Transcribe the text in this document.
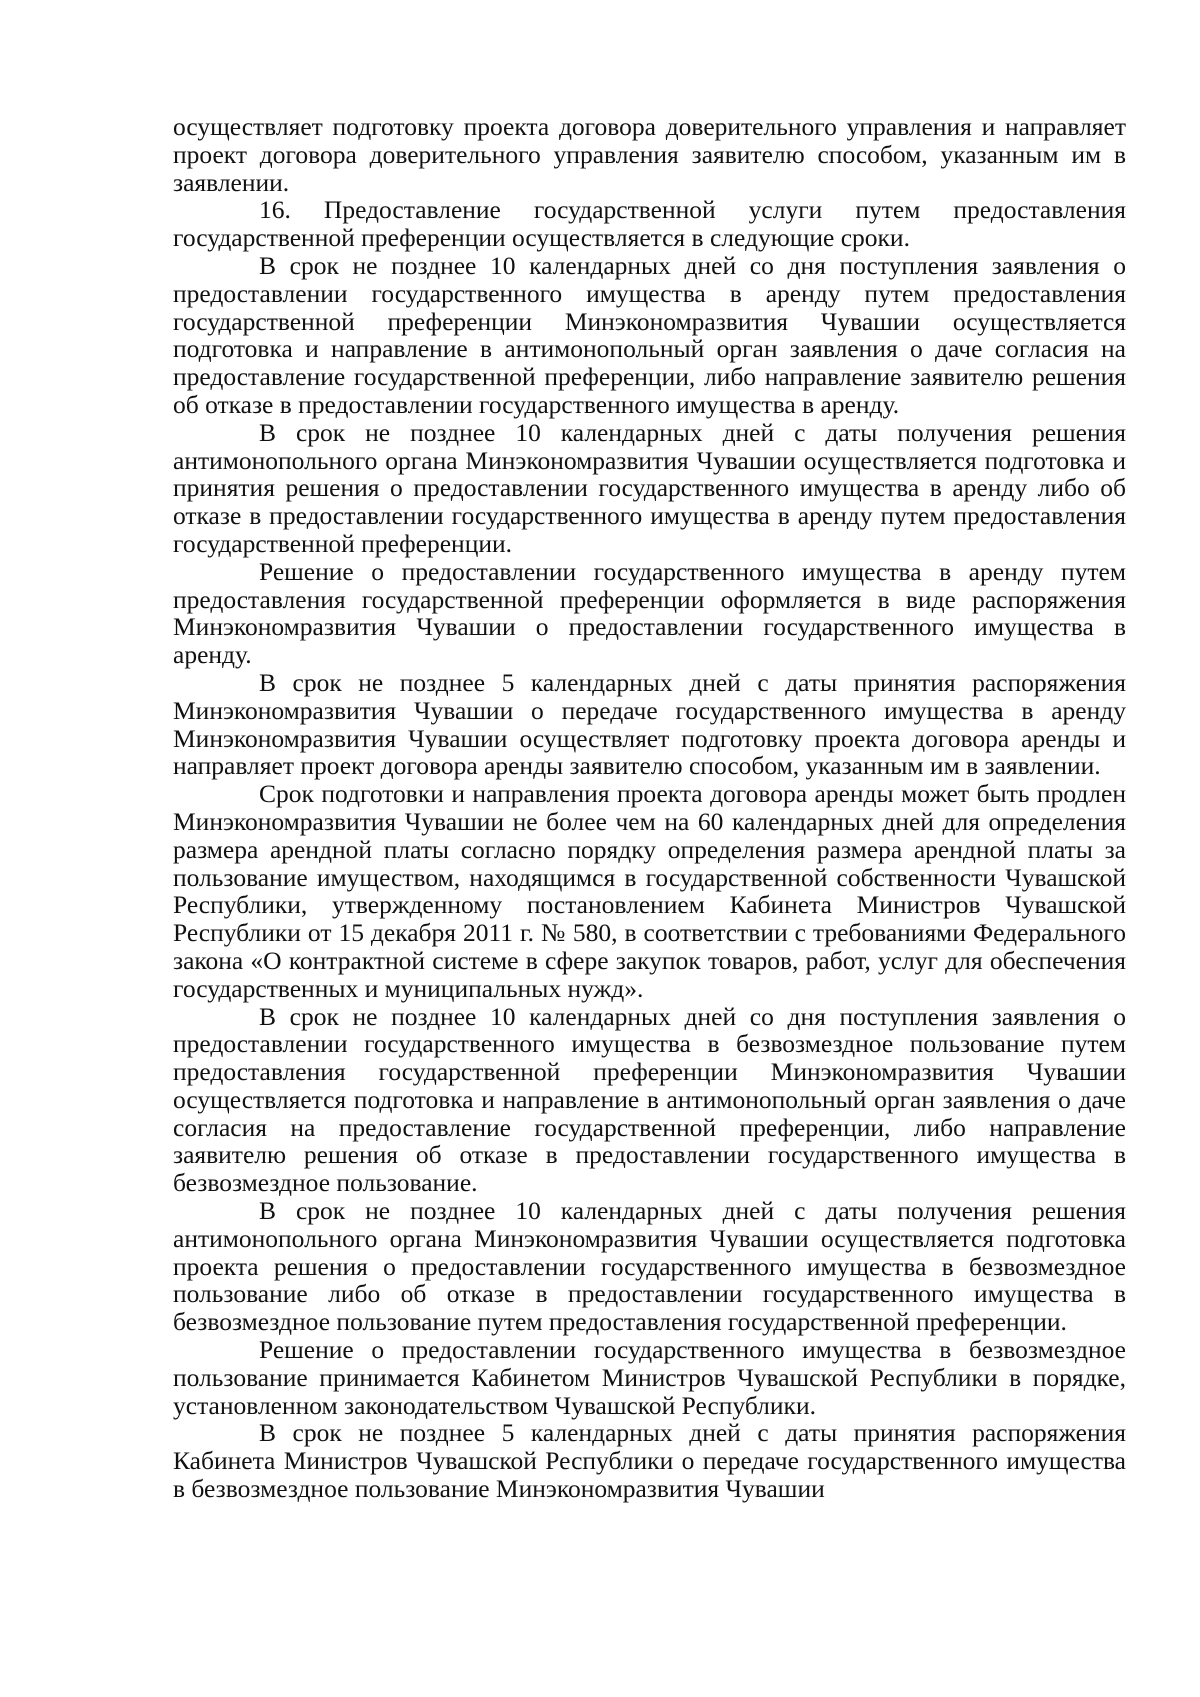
осуществляет подготовку проекта договора доверительного управления и направляет проект договора доверительного управления заявителю способом, указанным им в заявлении.

16. Предоставление государственной услуги путем предоставления государственной преференции осуществляется в следующие сроки.

В срок не позднее 10 календарных дней со дня поступления заявления о предоставлении государственного имущества в аренду путем предоставления государственной преференции Минэкономразвития Чувашии осуществляется подготовка и направление в антимонопольный орган заявления о даче согласия на предоставление государственной преференции, либо направление заявителю решения об отказе в предоставлении государственного имущества в аренду.

В срок не позднее 10 календарных дней с даты получения решения антимонопольного органа Минэкономразвития Чувашии осуществляется подготовка и принятия решения о предоставлении государственного имущества в аренду либо об отказе в предоставлении государственного имущества в аренду путем предоставления государственной преференции.

Решение о предоставлении государственного имущества в аренду путем предоставления государственной преференции оформляется в виде распоряжения Минэкономразвития Чувашии о предоставлении государственного имущества в аренду.

В срок не позднее 5 календарных дней с даты принятия распоряжения Минэкономразвития Чувашии о передаче государственного имущества в аренду Минэкономразвития Чувашии осуществляет подготовку проекта договора аренды и направляет проект договора аренды заявителю способом, указанным им в заявлении.

Срок подготовки и направления проекта договора аренды может быть продлен Минэкономразвития Чувашии не более чем на 60 календарных дней для определения размера арендной платы согласно порядку определения размера арендной платы за пользование имуществом, находящимся в государственной собственности Чувашской Республики, утвержденному постановлением Кабинета Министров Чувашской Республики от 15 декабря 2011 г. № 580, в соответствии с требованиями Федерального закона «О контрактной системе в сфере закупок товаров, работ, услуг для обеспечения государственных и муниципальных нужд».

В срок не позднее 10 календарных дней со дня поступления заявления о предоставлении государственного имущества в безвозмездное пользование путем предоставления государственной преференции Минэкономразвития Чувашии осуществляется подготовка и направление в антимонопольный орган заявления о даче согласия на предоставление государственной преференции, либо направление заявителю решения об отказе в предоставлении государственного имущества в безвозмездное пользование.

В срок не позднее 10 календарных дней с даты получения решения антимонопольного органа Минэкономразвития Чувашии осуществляется подготовка проекта решения о предоставлении государственного имущества в безвозмездное пользование либо об отказе в предоставлении государственного имущества в безвозмездное пользование путем предоставления государственной преференции.

Решение о предоставлении государственного имущества в безвозмездное пользование принимается Кабинетом Министров Чувашской Республики в порядке, установленном законодательством Чувашской Республики.

В срок не позднее 5 календарных дней с даты принятия распоряжения Кабинета Министров Чувашской Республики о передаче государственного имущества в безвозмездное пользование Минэкономразвития Чувашии
